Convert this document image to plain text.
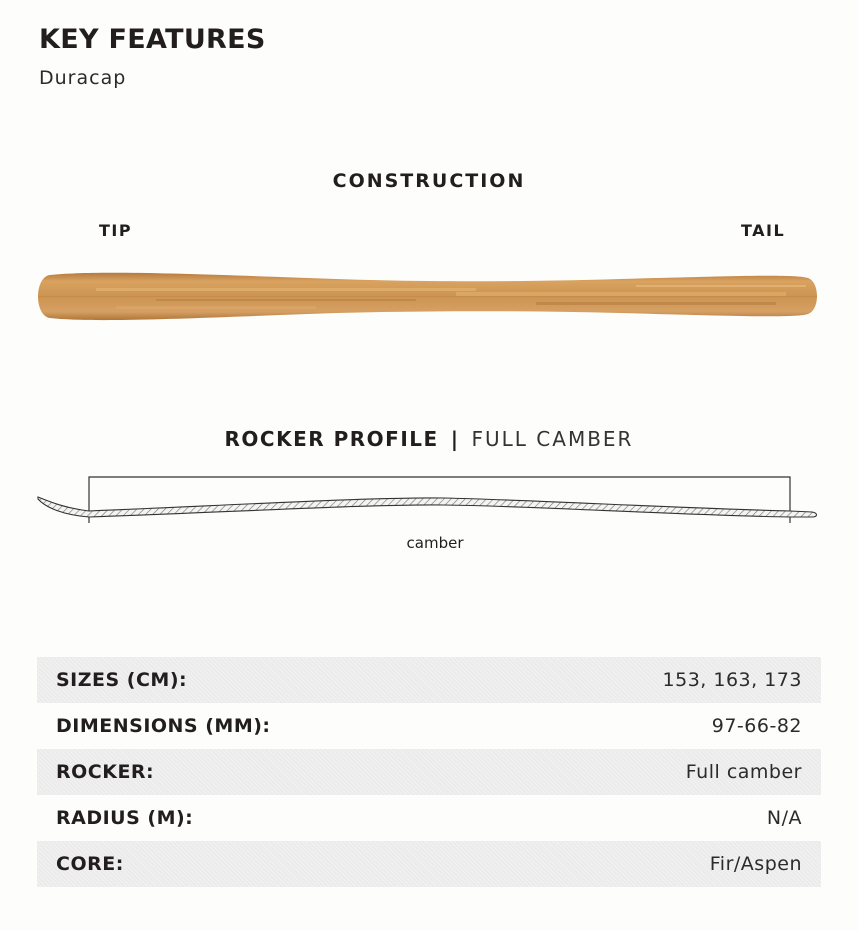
KEY FEATURES
Duracap
CONSTRUCTION
TIP	TAIL
ROCKER PROFILE | FULL CAMBER
camber
SIZES (CM):	153, 163, 173
DIMENSIONS (MM):	97-66-82
ROCKER:	Full camber
RADIUS (M):	N/A
CORE:	Fir/Aspen
